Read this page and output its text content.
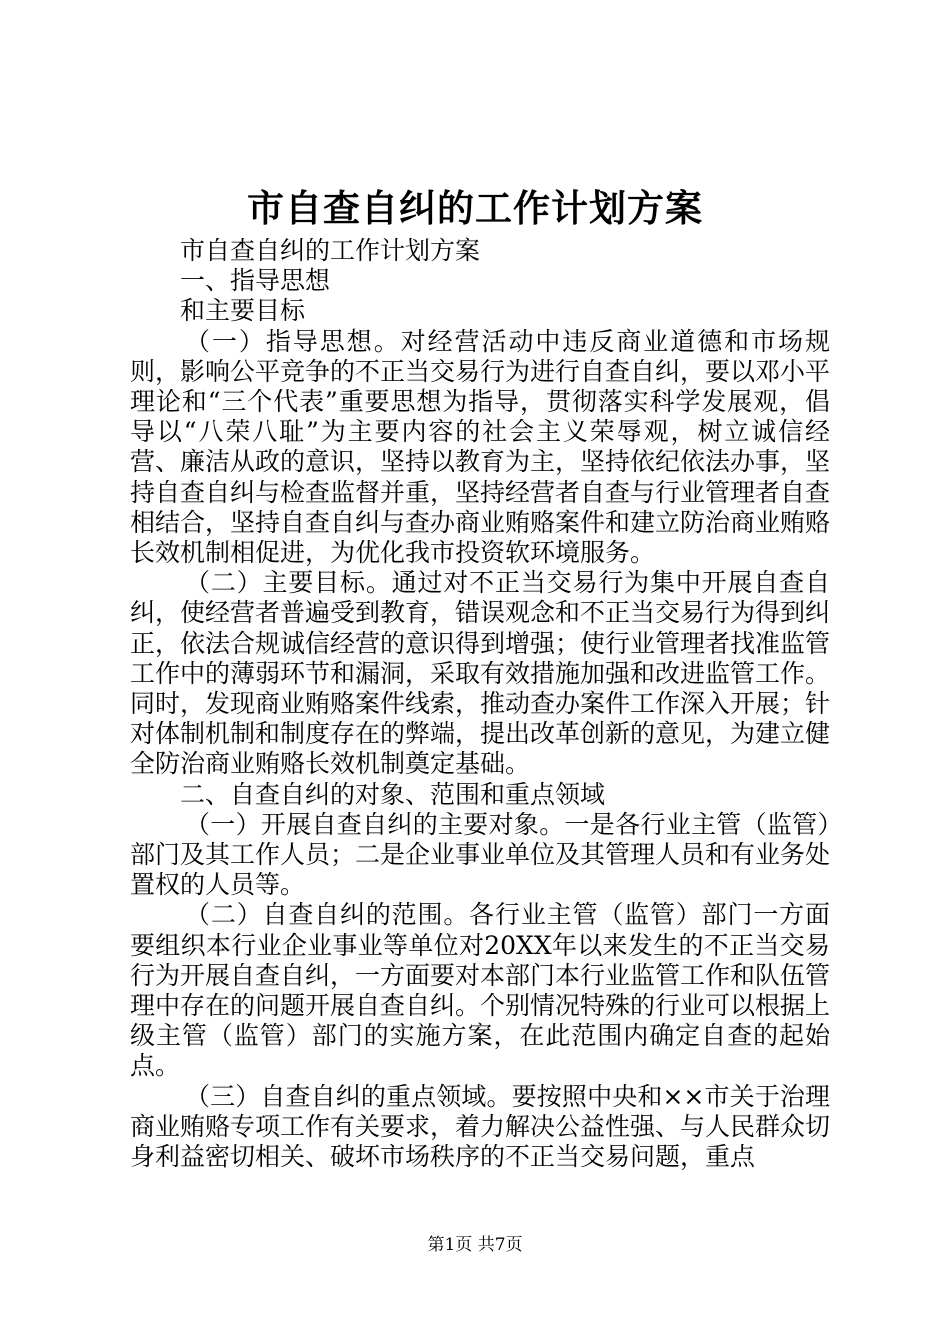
市自查自纠的工作计划方案

市自查自纠的工作计划方案

一、指导思想

和主要目标

（一）指导思想。对经营活动中违反商业道德和市场规则，影响公平竞争的不正当交易行为进行自查自纠，要以邓小平理论和“三个代表”重要思想为指导，贯彻落实科学发展观，倡导以“八荣八耻”为主要内容的社会主义荣辱观，树立诚信经营、廉洁从政的意识，坚持以教育为主，坚持依纪依法办事，坚持自查自纠与检查监督并重，坚持经营者自查与行业管理者自查相结合，坚持自查自纠与查办商业贿赂案件和建立防治商业贿赂长效机制相促进，为优化我市投资软环境服务。

（二）主要目标。通过对不正当交易行为集中开展自查自纠，使经营者普遍受到教育，错误观念和不正当交易行为得到纠正，依法合规诚信经营的意识得到增强；使行业管理者找准监管工作中的薄弱环节和漏洞，采取有效措施加强和改进监管工作。同时，发现商业贿赂案件线索，推动查办案件工作深入开展；针对体制机制和制度存在的弊端，提出改革创新的意见，为建立健全防治商业贿赂长效机制奠定基础。

二、自查自纠的对象、范围和重点领域

（一）开展自查自纠的主要对象。一是各行业主管（监管）部门及其工作人员；二是企业事业单位及其管理人员和有业务处置权的人员等。

（二）自查自纠的范围。各行业主管（监管）部门一方面要组织本行业企业事业等单位对20XX年以来发生的不正当交易行为开展自查自纠，一方面要对本部门本行业监管工作和队伍管理中存在的问题开展自查自纠。个别情况特殊的行业可以根据上级主管（监管）部门的实施方案，在此范围内确定自查的起始点。

（三）自查自纠的重点领域。要按照中央和××市关于治理商业贿赂专项工作有关要求，着力解决公益性强、与人民群众切身利益密切相关、破坏市场秩序的不正当交易问题，重点

第1页 共7页
